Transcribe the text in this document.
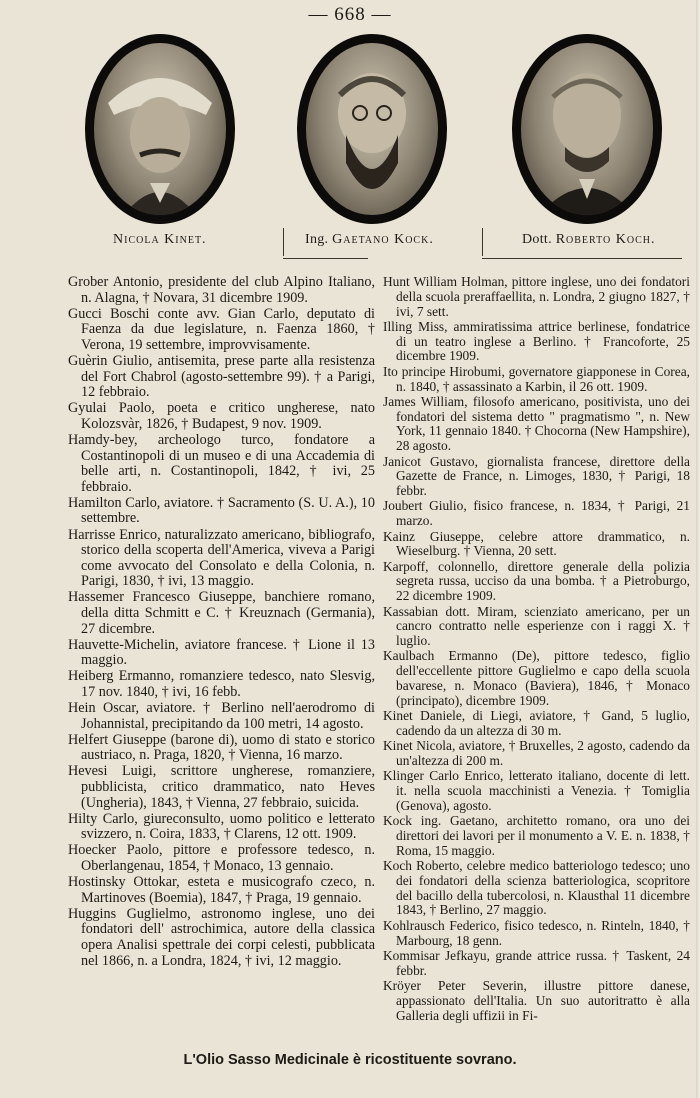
— 668 —
Nicola Kinet.	Ing. Gaetano Kock.	Dott. Roberto Koch.

Grober Antonio, presidente del club Alpino Italiano, n. Alagna, † Novara, 31 dicembre 1909.

Gucci Boschi conte avv. Gian Carlo, deputato di Faenza da due legislature, n. Faenza 1860, † Verona, 19 settembre, improvvisamente.

Guèrin Giulio, antisemita, prese parte alla resistenza del Fort Chabrol (agosto-settembre 99). † a Parigi, 12 febbraio.

Gyulai Paolo, poeta e critico ungherese, nato Kolozsvàr, 1826, † Budapest, 9 nov. 1909.

Hamdy-bey, archeologo turco, fondatore a Costantinopoli di un museo e di una Accademia di belle arti, n. Costantinopoli, 1842, † ivi, 25 febbraio.

Hamilton Carlo, aviatore. † Sacramento (S. U. A.), 10 settembre.

Harrisse Enrico, naturalizzato americano, bibliografo, storico della scoperta dell'America, viveva a Parigi come avvocato del Consolato e della Colonia, n. Parigi, 1830, † ivi, 13 maggio.

Hassemer Francesco Giuseppe, banchiere romano, della ditta Schmitt e C. † Kreuznach (Germania), 27 dicembre.

Hauvette-Michelin, aviatore francese. † Lione il 13 maggio.

Heiberg Ermanno, romanziere tedesco, nato Slesvig, 17 nov. 1840, † ivi, 16 febb.

Hein Oscar, aviatore. † Berlino nell'aerodromo di Johannistal, precipitando da 100 metri, 14 agosto.

Helfert Giuseppe (barone di), uomo di stato e storico austriaco, n. Praga, 1820, † Vienna, 16 marzo.

Hevesi Luigi, scrittore ungherese, romanziere, pubblicista, critico drammatico, nato Heves (Ungheria), 1843, † Vienna, 27 febbraio, suicida.

Hilty Carlo, giureconsulto, uomo politico e letterato svizzero, n. Coira, 1833, † Clarens, 12 ott. 1909.

Hoecker Paolo, pittore e professore tedesco, n. Oberlangenau, 1854, † Monaco, 13 gennaio.

Hostinsky Ottokar, esteta e musicografo czeco, n. Martinoves (Boemia), 1847, † Praga, 19 gennaio.

Huggins Guglielmo, astronomo inglese, uno dei fondatori dell' astrochimica, autore della classica opera Analisi spettrale dei corpi celesti, pubblicata nel 1866, n. a Londra, 1824, † ivi, 12 maggio.

Hunt William Holman, pittore inglese, uno dei fondatori della scuola preraffaellita, n. Londra, 2 giugno 1827, † ivi, 7 sett.

Illing Miss, ammiratissima attrice berlinese, fondatrice di un teatro inglese a Berlino. † Francoforte, 25 dicembre 1909.

Ito principe Hirobumi, governatore giapponese in Corea, n. 1840, † assassinato a Karbin, il 26 ott. 1909.

James William, filosofo americano, positivista, uno dei fondatori del sistema detto " pragmatismo ", n. New York, 11 gennaio 1840. † Chocorna (New Hampshire), 28 agosto.

Janicot Gustavo, giornalista francese, direttore della Gazette de France, n. Limoges, 1830, † Parigi, 18 febbr.

Joubert Giulio, fisico francese, n. 1834, † Parigi, 21 marzo.

Kainz Giuseppe, celebre attore drammatico, n. Wieselburg. † Vienna, 20 sett.

Karpoff, colonnello, direttore generale della polizia segreta russa, ucciso da una bomba. † a Pietroburgo, 22 dicembre 1909.

Kassabian dott. Miram, scienziato americano, per un cancro contratto nelle esperienze con i raggi X. † luglio.

Kaulbach Ermanno (De), pittore tedesco, figlio dell'eccellente pittore Guglielmo e capo della scuola bavarese, n. Monaco (Baviera), 1846, † Monaco (principato), dicembre 1909.

Kinet Daniele, di Liegi, aviatore, † Gand, 5 luglio, cadendo da un altezza di 30 m.

Kinet Nicola, aviatore, † Bruxelles, 2 agosto, cadendo da un'altezza di 200 m.

Klinger Carlo Enrico, letterato italiano, docente di lett. it. nella scuola macchinisti a Venezia. † Tomiglia (Genova), agosto.

Kock ing. Gaetano, architetto romano, ora uno dei direttori dei lavori per il monumento a V. E. n. 1838, † Roma, 15 maggio.

Koch Roberto, celebre medico batteriologo tedesco; uno dei fondatori della scienza batteriologica, scopritore del bacillo della tubercolosi, n. Klausthal 11 dicembre 1843, † Berlino, 27 maggio.

Kohlrausch Federico, fisico tedesco, n. Rinteln, 1840, † Marbourg, 18 genn.

Kommisar Jefkayu, grande attrice russa. † Taskent, 24 febbr.

Kröyer Peter Severin, illustre pittore danese, appassionato dell'Italia. Un suo autoritratto è alla Galleria degli uffizii in Fi-

L'Olio Sasso Medicinale è ricostituente sovrano.
